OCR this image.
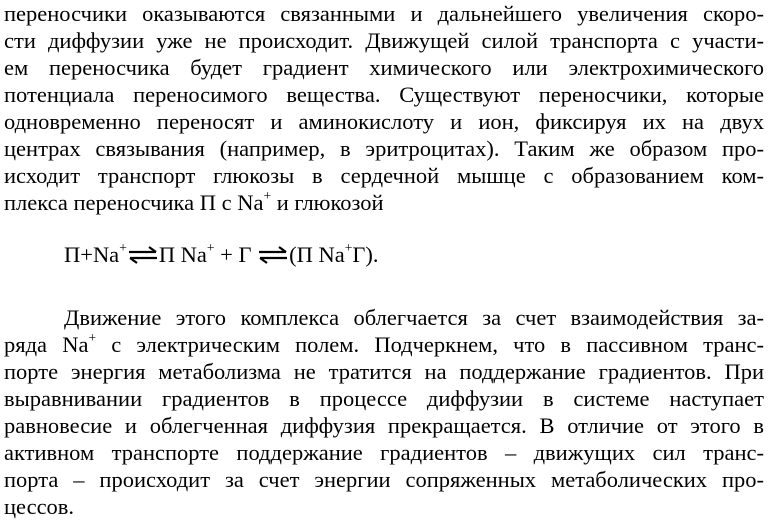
переносчики оказываются связанными и дальнейшего увеличения скоро-
сти диффузии уже не происходит. Движущей силой транспорта с участи-
ем переносчика будет градиент химического или электрохимического
потенциала переносимого вещества. Существуют переносчики, которые
одновременно переносят и аминокислоту и ион, фиксируя их на двух
центрах связывания (например, в эритроцитах). Таким же образом про-
исходит транспорт глюкозы в сердечной мышце с образованием ком-
плекса переносчика П с Na+ и глюкозой
П+Na+⇌П Na+ + Г ⇌(П Na+Г).
Движение этого комплекса облегчается за счет взаимодействия за-
ряда Na+ с электрическим полем. Подчеркнем, что в пассивном транс-
порте энергия метаболизма не тратится на поддержание градиентов. При
выравнивании градиентов в процессе диффузии в системе наступает
равновесие и облегченная диффузия прекращается. В отличие от этого в
активном транспорте поддержание градиентов – движущих сил транс-
порта – происходит за счет энергии сопряженных метаболических про-
цессов.
